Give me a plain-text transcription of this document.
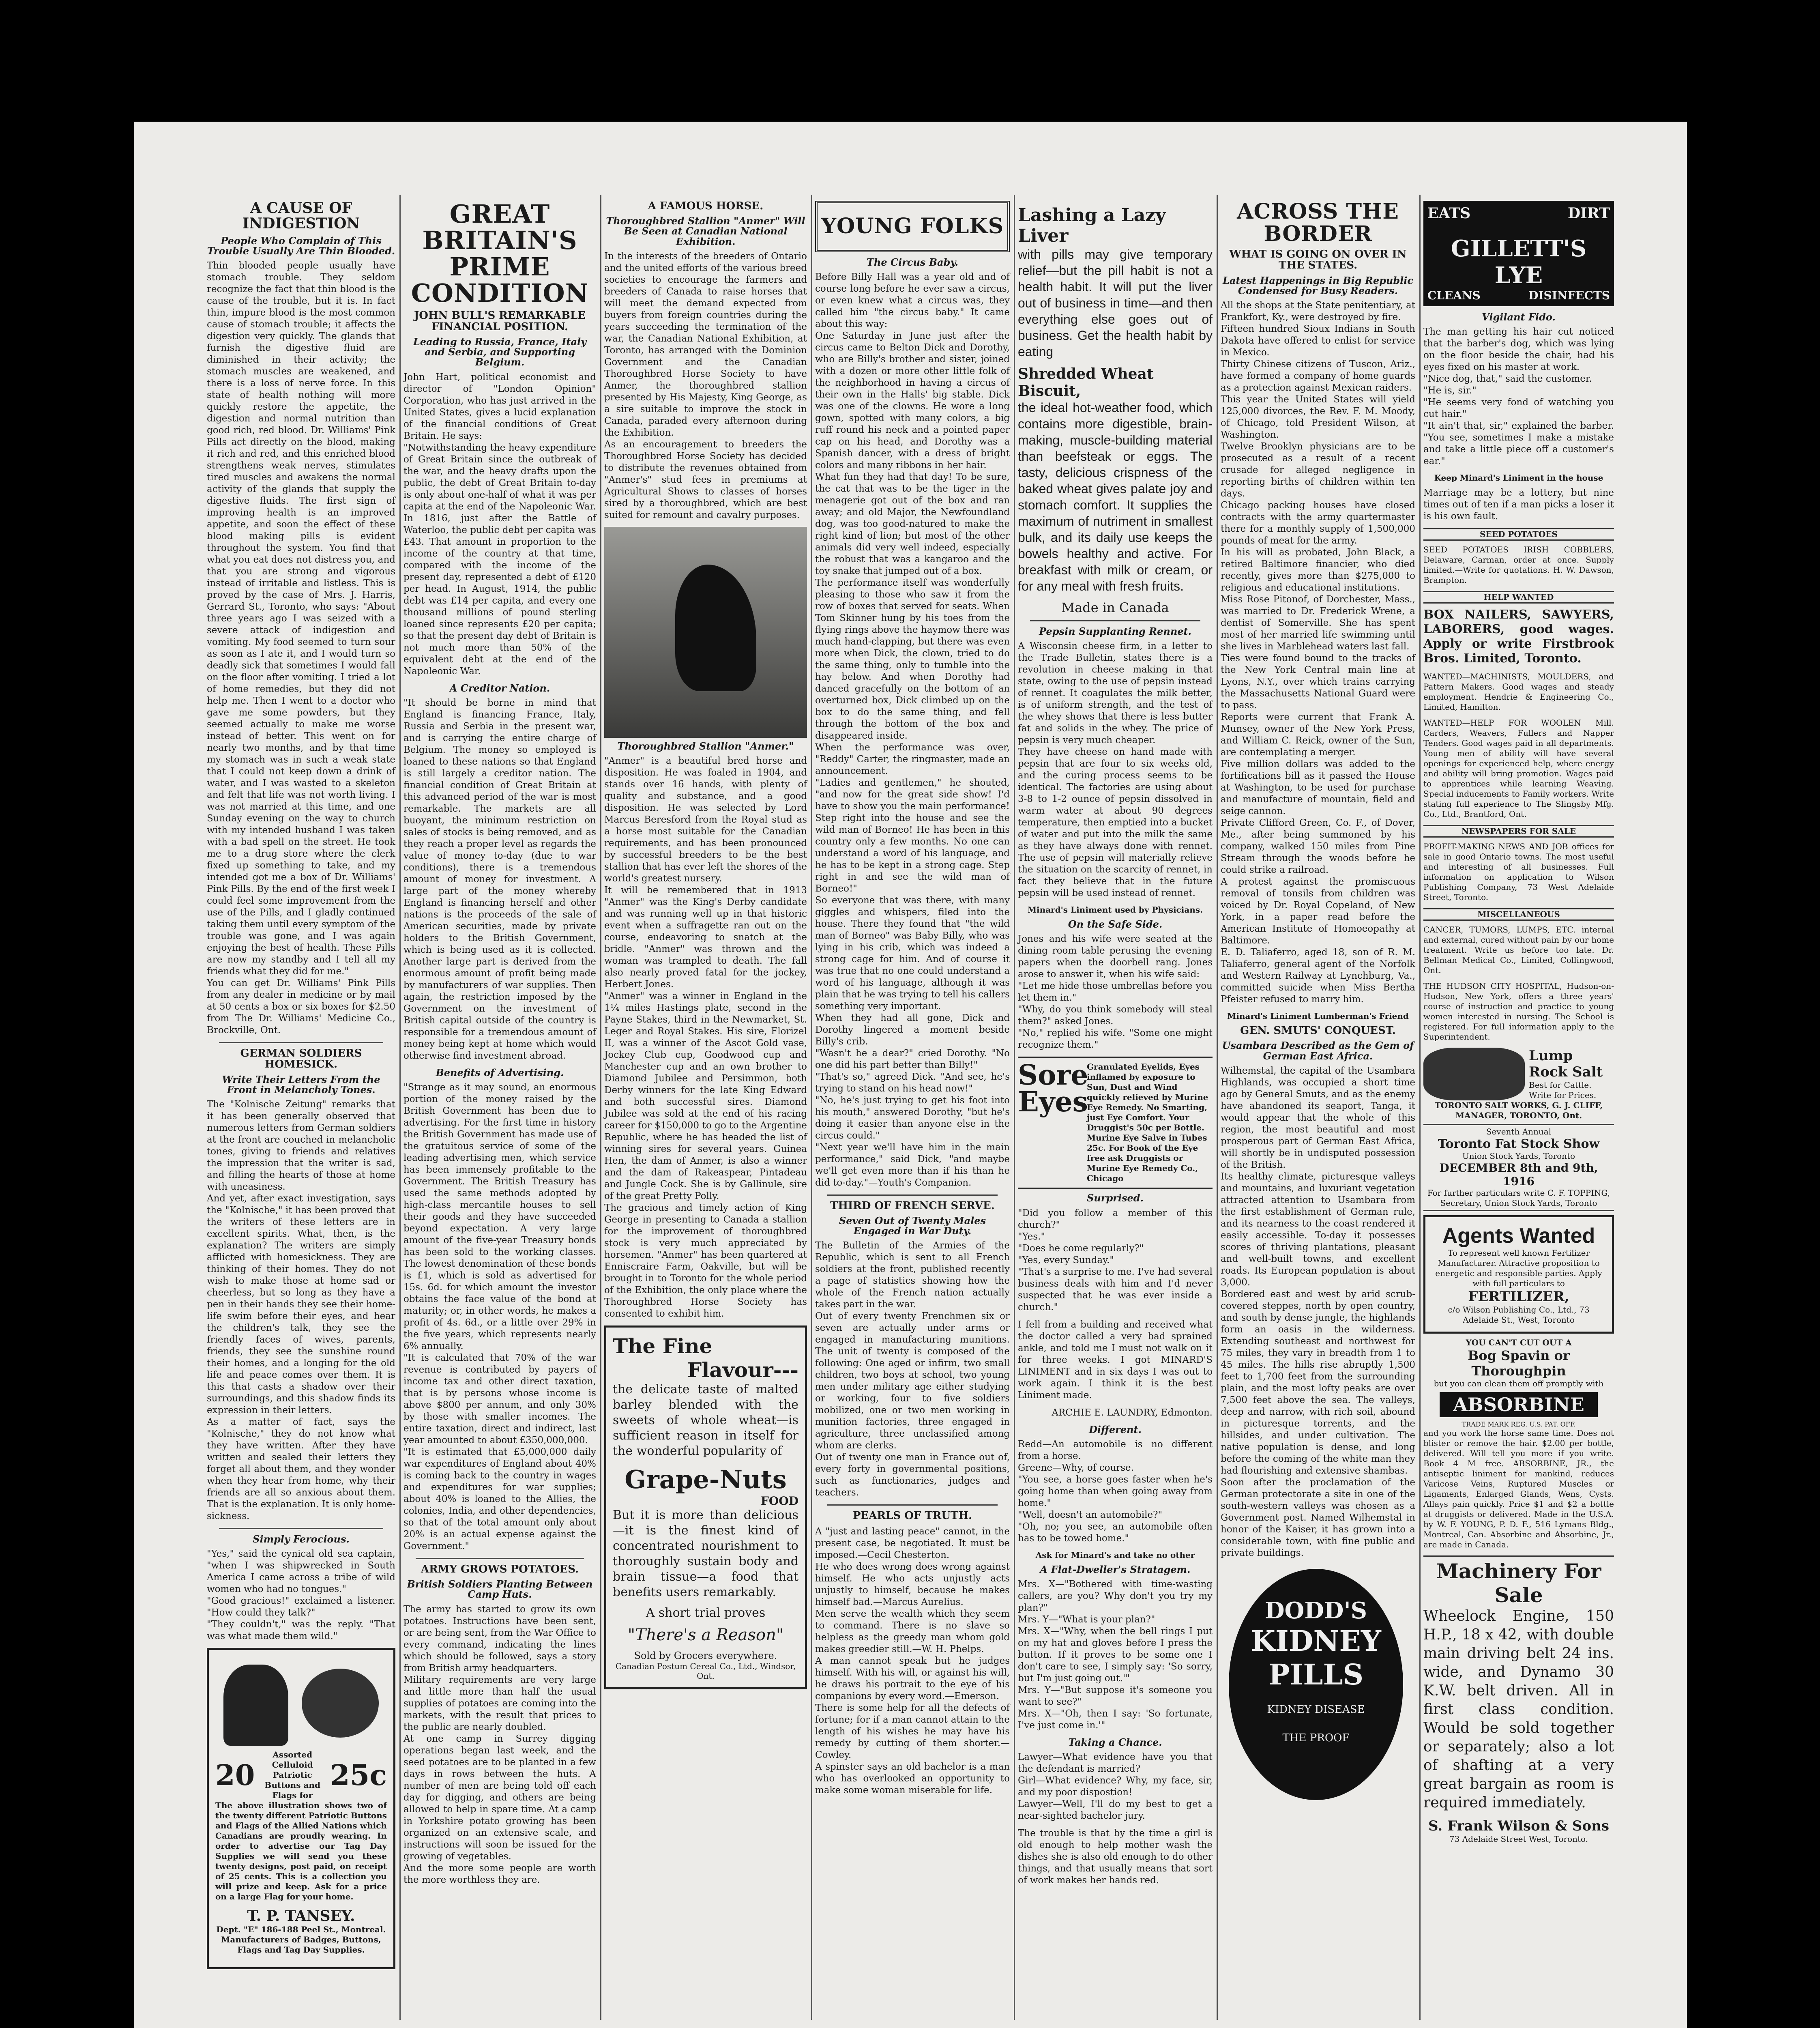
A CAUSE OF INDIGESTION
People Who Complain of This Trouble Usually Are Thin Blooded.
Thin blooded people usually have stomach trouble. They seldom recognize the fact that thin blood is the cause of the trouble, but it is. In fact thin, impure blood is the most common cause of stomach trouble; it affects the digestion very quickly. The glands that furnish the digestive fluid are diminished in their activity; the stomach muscles are weakened, and there is a loss of nerve force. In this state of health nothing will more quickly restore the appetite, the digestion and normal nutrition than good rich, red blood. Dr. Williams' Pink Pills act directly on the blood, making it rich and red, and this enriched blood strengthens weak nerves, stimulates tired muscles and awakens the normal activity of the glands that supply the digestive fluids. The first sign of improving health is an improved appetite, and soon the effect of these blood making pills is evident throughout the system. You find that what you eat does not distress you, and that you are strong and vigorous instead of irritable and listless. This is proved by the case of Mrs. J. Harris, Gerrard St., Toronto, who says: "About three years ago I was seized with a severe attack of indigestion and vomiting. My food seemed to turn sour as soon as I ate it, and I would turn so deadly sick that sometimes I would fall on the floor after vomiting. I tried a lot of home remedies, but they did not help me. Then I went to a doctor who gave me some powders, but they seemed actually to make me worse instead of better. This went on for nearly two months, and by that time my stomach was in such a weak state that I could not keep down a drink of water, and I was wasted to a skeleton and felt that life was not worth living. I was not married at this time, and one Sunday evening on the way to church with my intended husband I was taken with a bad spell on the street. He took me to a drug store where the clerk fixed up something to take, and my intended got me a box of Dr. Williams' Pink Pills. By the end of the first week I could feel some improvement from the use of the Pills, and I gladly continued taking them until every symptom of the trouble was gone, and I was again enjoying the best of health. These Pills are now my standby and I tell all my friends what they did for me."
You can get Dr. Williams' Pink Pills from any dealer in medicine or by mail at 50 cents a box or six boxes for $2.50 from The Dr. Williams' Medicine Co., Brockville, Ont.
GERMAN SOLDIERS HOMESICK.
Write Their Letters From the Front in Melancholy Tones.
The "Kolnische Zeitung" remarks that it has been generally observed that numerous letters from German soldiers at the front are couched in melancholic tones, giving to friends and relatives the impression that the writer is sad, and filling the hearts of those at home with uneasiness.
And yet, after exact investigation, says the "Kolnische," it has been proved that the writers of these letters are in excellent spirits. What, then, is the explanation? The writers are simply afflicted with homesickness. They are thinking of their homes. They do not wish to make those at home sad or cheerless, but so long as they have a pen in their hands they see their home-life swim before their eyes, and hear the children's talk, they see the friendly faces of wives, parents, friends, they see the sunshine round their homes, and a longing for the old life and peace comes over them. It is this that casts a shadow over their surroundings, and this shadow finds its expression in their letters.
As a matter of fact, says the "Kolnische," they do not know what they have written. After they have written and sealed their letters they forget all about them, and they wonder when they hear from home, why their friends are all so anxious about them. That is the explanation. It is only home-sickness.
Simply Ferocious.
"Yes," said the cynical old sea captain, "when I was shipwrecked in South America I came across a tribe of wild women who had no tongues."
"Good gracious!" exclaimed a listener. "How could they talk?"
"They couldn't," was the reply. "That was what made them wild."
20
Assorted Celluloid Patriotic Buttons and Flags for
25c
The above illustration shows two of the twenty different Patriotic Buttons and Flags of the Allied Nations which Canadians are proudly wearing. In order to advertise our Tag Day Supplies we will send you these twenty designs, post paid, on receipt of 25 cents. This is a collection you will prize and keep. Ask for a price on a large Flag for your home.
T. P. TANSEY.
Dept. "E" 186-188 Peel St., Montreal. Manufacturers of Badges, Buttons, Flags and Tag Day Supplies.
GREAT BRITAIN'S PRIME CONDITION
JOHN BULL'S REMARKABLE FINANCIAL POSITION.
Leading to Russia, France, Italy and Serbia, and Supporting Belgium.
John Hart, political economist and director of "London Opinion" Corporation, who has just arrived in the United States, gives a lucid explanation of the financial conditions of Great Britain. He says:
"Notwithstanding the heavy expenditure of Great Britain since the outbreak of the war, and the heavy drafts upon the public, the debt of Great Britain to-day is only about one-half of what it was per capita at the end of the Napoleonic War. In 1816, just after the Battle of Waterloo, the public debt per capita was £43. That amount in proportion to the income of the country at that time, compared with the income of the present day, represented a debt of £120 per head. In August, 1914, the public debt was £14 per capita, and every one thousand millions of pound sterling loaned since represents £20 per capita; so that the present day debt of Britain is not much more than 50% of the equivalent debt at the end of the Napoleonic War.
A Creditor Nation.
"It should be borne in mind that England is financing France, Italy, Russia and Serbia in the present war, and is carrying the entire charge of Belgium. The money so employed is loaned to these nations so that England is still largely a creditor nation. The financial condition of Great Britain at this advanced period of the war is most remarkable. The markets are all buoyant, the minimum restriction on sales of stocks is being removed, and as they reach a proper level as regards the value of money to-day (due to war conditions), there is a tremendous amount of money for investment. A large part of the money whereby England is financing herself and other nations is the proceeds of the sale of American securities, made by private holders to the British Government, which is being used as it is collected. Another large part is derived from the enormous amount of profit being made by manufacturers of war supplies. Then again, the restriction imposed by the Government on the investment of British capital outside of the country is responsible for a tremendous amount of money being kept at home which would otherwise find investment abroad.
Benefits of Advertising.
"Strange as it may sound, an enormous portion of the money raised by the British Government has been due to advertising. For the first time in history the British Government has made use of the gratuitous service of some of the leading advertising men, which service has been immensely profitable to the Government. The British Treasury has used the same methods adopted by high-class mercantile houses to sell their goods and they have succeeded beyond expectation. A very large amount of the five-year Treasury bonds has been sold to the working classes. The lowest denomination of these bonds is £1, which is sold as advertised for 15s. 6d. for which amount the investor obtains the face value of the bond at maturity; or, in other words, he makes a profit of 4s. 6d., or a little over 29% in the five years, which represents nearly 6% annually.
"It is calculated that 70% of the war revenue is contributed by payers of income tax and other direct taxation, that is by persons whose income is above $800 per annum, and only 30% by those with smaller incomes. The entire taxation, direct and indirect, last year amounted to about £350,000,000.
"It is estimated that £5,000,000 daily war expenditures of England about 40% is coming back to the country in wages and expenditures for war supplies; about 40% is loaned to the Allies, the colonies, India, and other dependencies, so that of the total amount only about 20% is an actual expense against the Government."
ARMY GROWS POTATOES.
British Soldiers Planting Between Camp Huts.
The army has started to grow its own potatoes. Instructions have been sent, or are being sent, from the War Office to every command, indicating the lines which should be followed, says a story from British army headquarters.
Military requirements are very large and little more than half the usual supplies of potatoes are coming into the markets, with the result that prices to the public are nearly doubled.
At one camp in Surrey digging operations began last week, and the seed potatoes are to be planted in a few days in rows between the huts. A number of men are being told off each day for digging, and others are being allowed to help in spare time. At a camp in Yorkshire potato growing has been organized on an extensive scale, and instructions will soon be issued for the growing of vegetables.
And the more some people are worth the more worthless they are.
A FAMOUS HORSE.
Thoroughbred Stallion "Anmer" Will Be Seen at Canadian National Exhibition.
In the interests of the breeders of Ontario and the united efforts of the various breed societies to encourage the farmers and breeders of Canada to raise horses that will meet the demand expected from buyers from foreign countries during the years succeeding the termination of the war, the Canadian National Exhibition, at Toronto, has arranged with the Dominion Government and the Canadian Thoroughbred Horse Society to have Anmer, the thoroughbred stallion presented by His Majesty, King George, as a sire suitable to improve the stock in Canada, paraded every afternoon during the Exhibition.
As an encouragement to breeders the Thoroughbred Horse Society has decided to distribute the revenues obtained from "Anmer's" stud fees in premiums at Agricultural Shows to classes of horses sired by a thoroughbred, which are best suited for remount and cavalry purposes.
Thoroughbred Stallion "Anmer."
"Anmer" is a beautiful bred horse and disposition. He was foaled in 1904, and stands over 16 hands, with plenty of quality and substance, and a good disposition. He was selected by Lord Marcus Beresford from the Royal stud as a horse most suitable for the Canadian requirements, and has been pronounced by successful breeders to be the best stallion that has ever left the shores of the world's greatest nursery.
It will be remembered that in 1913 "Anmer" was the King's Derby candidate and was running well up in that historic event when a suffragette ran out on the course, endeavoring to snatch at the bridle. "Anmer" was thrown and the woman was trampled to death. The fall also nearly proved fatal for the jockey, Herbert Jones.
"Anmer" was a winner in England in the 1¼ miles Hastings plate, second in the Payne Stakes, third in the Newmarket, St. Leger and Royal Stakes. His sire, Florizel II, was a winner of the Ascot Gold vase, Jockey Club cup, Goodwood cup and Manchester cup and an own brother to Diamond Jubilee and Persimmon, both Derby winners for the late King Edward and both successful sires. Diamond Jubilee was sold at the end of his racing career for $150,000 to go to the Argentine Republic, where he has headed the list of winning sires for several years. Guinea Hen, the dam of Anmer, is also a winner and the dam of Rakeaspear, Pintadeau and Jungle Cock. She is by Gallinule, sire of the great Pretty Polly.
The gracious and timely action of King George in presenting to Canada a stallion for the improvement of thoroughbred stock is very much appreciated by horsemen. "Anmer" has been quartered at Enniscraire Farm, Oakville, but will be brought in to Toronto for the whole period of the Exhibition, the only place where the Thoroughbred Horse Society has consented to exhibit him.
The Fine
Flavour---
the delicate taste of malted barley blended with the sweets of whole wheat—is sufficient reason in itself for the wonderful popularity of
Grape-Nuts
FOOD
But it is more than delicious—it is the finest kind of concentrated nourishment to thoroughly sustain body and brain tissue—a food that benefits users remarkably.
A short trial proves
"There's a Reason"
Sold by Grocers everywhere.
Canadian Postum Cereal Co., Ltd., Windsor, Ont.
YOUNG FOLKS
The Circus Baby.
Before Billy Hall was a year old and of course long before he ever saw a circus, or even knew what a circus was, they called him "the circus baby." It came about this way:
One Saturday in June just after the circus came to Belton Dick and Dorothy, who are Billy's brother and sister, joined with a dozen or more other little folk of the neighborhood in having a circus of their own in the Halls' big stable. Dick was one of the clowns. He wore a long gown, spotted with many colors, a big ruff round his neck and a pointed paper cap on his head, and Dorothy was a Spanish dancer, with a dress of bright colors and many ribbons in her hair.
What fun they had that day! To be sure, the cat that was to be the tiger in the menagerie got out of the box and ran away; and old Major, the Newfoundland dog, was too good-natured to make the right kind of lion; but most of the other animals did very well indeed, especially the robust that was a kangaroo and the toy snake that jumped out of a box.
The performance itself was wonderfully pleasing to those who saw it from the row of boxes that served for seats. When Tom Skinner hung by his toes from the flying rings above the haymow there was much hand-clapping, but there was even more when Dick, the clown, tried to do the same thing, only to tumble into the hay below. And when Dorothy had danced gracefully on the bottom of an overturned box, Dick climbed up on the box to do the same thing, and fell through the bottom of the box and disappeared inside.
When the performance was over, "Reddy" Carter, the ringmaster, made an announcement.
"Ladies and gentlemen," he shouted, "and now for the great side show! I'd have to show you the main performance! Step right into the house and see the wild man of Borneo! He has been in this country only a few months. No one can understand a word of his language, and he has to be kept in a strong cage. Step right in and see the wild man of Borneo!"
So everyone that was there, with many giggles and whispers, filed into the house. There they found that "the wild man of Borneo" was Baby Billy, who was lying in his crib, which was indeed a strong cage for him. And of course it was true that no one could understand a word of his language, although it was plain that he was trying to tell his callers something very important.
When they had all gone, Dick and Dorothy lingered a moment beside Billy's crib.
"Wasn't he a dear?" cried Dorothy. "No one did his part better than Billy!"
"That's so," agreed Dick. "And see, he's trying to stand on his head now!"
"No, he's just trying to get his foot into his mouth," answered Dorothy, "but he's doing it easier than anyone else in the circus could."
"Next year we'll have him in the main performance," said Dick, "and maybe we'll get even more than if his than he did to-day."—Youth's Companion.
THIRD OF FRENCH SERVE.
Seven Out of Twenty Males Engaged in War Duty.
The Bulletin of the Armies of the Republic, which is sent to all French soldiers at the front, published recently a page of statistics showing how the whole of the French nation actually takes part in the war.
Out of every twenty Frenchmen six or seven are actually under arms or engaged in manufacturing munitions. The unit of twenty is composed of the following: One aged or infirm, two small children, two boys at school, two young men under military age either studying or working, four to five soldiers mobilized, one or two men working in munition factories, three engaged in agriculture, three unclassified among whom are clerks.
Out of twenty one man in France out of, every forty in governmental positions, such as functionaries, judges and teachers.
PEARLS OF TRUTH.
A "just and lasting peace" cannot, in the present case, be negotiated. It must be imposed.—Cecil Chesterton.
He who does wrong does wrong against himself. He who acts unjustly acts unjustly to himself, because he makes himself bad.—Marcus Aurelius.
Men serve the wealth which they seem to command. There is no slave so helpless as the greedy man whom gold makes greedier still.—W. H. Phelps.
A man cannot speak but he judges himself. With his will, or against his will, he draws his portrait to the eye of his companions by every word.—Emerson.
There is some help for all the defects of fortune; for if a man cannot attain to the length of his wishes he may have his remedy by cutting of them shorter.—Cowley.
A spinster says an old bachelor is a man who has overlooked an opportunity to make some woman miserable for life.
Lashing a Lazy Liver
with pills may give temporary relief—but the pill habit is not a health habit. It will put the liver out of business in time—and then everything else goes out of business. Get the health habit by eating
Shredded Wheat Biscuit,
the ideal hot-weather food, which contains more digestible, brain-making, muscle-building material than beefsteak or eggs. The tasty, delicious crispness of the baked wheat gives palate joy and stomach comfort. It supplies the maximum of nutriment in smallest bulk, and its daily use keeps the bowels healthy and active. For breakfast with milk or cream, or for any meal with fresh fruits.
Made in Canada
Pepsin Supplanting Rennet.
A Wisconsin cheese firm, in a letter to the Trade Bulletin, states there is a revolution in cheese making in that state, owing to the use of pepsin instead of rennet. It coagulates the milk better, is of uniform strength, and the test of the whey shows that there is less butter fat and solids in the whey. The price of pepsin is very much cheaper.
They have cheese on hand made with pepsin that are four to six weeks old, and the curing process seems to be identical. The factories are using about 3-8 to 1-2 ounce of pepsin dissolved in warm water at about 90 degrees temperature, then emptied into a bucket of water and put into the milk the same as they have always done with rennet. The use of pepsin will materially relieve the situation on the scarcity of rennet, in fact they believe that in the future pepsin will be used instead of rennet.
Minard's Liniment used by Physicians.
On the Safe Side.
Jones and his wife were seated at the dining room table perusing the evening papers when the doorbell rang. Jones arose to answer it, when his wife said:
"Let me hide those umbrellas before you let them in."
"Why, do you think somebody will steal them?" asked Jones.
"No," replied his wife. "Some one might recognize them."
Sore Eyes
Granulated Eyelids, Eyes inflamed by exposure to Sun, Dust and Wind quickly relieved by Murine Eye Remedy. No Smarting, just Eye Comfort. Your Druggist's 50c per Bottle. Murine Eye Salve in Tubes 25c. For Book of the Eye free ask Druggists or Murine Eye Remedy Co., Chicago
Surprised.
"Did you follow a member of this church?"
"Yes."
"Does he come regularly?"
"Yes, every Sunday."
"That's a surprise to me. I've had several business deals with him and I'd never suspected that he was ever inside a church."
I fell from a building and received what the doctor called a very bad sprained ankle, and told me I must not walk on it for three weeks. I got MINARD'S LINIMENT and in six days I was out to work again. I think it is the best Liniment made.
ARCHIE E. LAUNDRY, Edmonton.
Different.
Redd—An automobile is no different from a horse.
Greene—Why, of course.
"You see, a horse goes faster when he's going home than when going away from home."
"Well, doesn't an automobile?"
"Oh, no; you see, an automobile often has to be towed home."
Ask for Minard's and take no other
A Flat-Dweller's Stratagem.
Mrs. X—"Bothered with time-wasting callers, are you? Why don't you try my plan?"
Mrs. Y—"What is your plan?"
Mrs. X—"Why, when the bell rings I put on my hat and gloves before I press the button. If it proves to be some one I don't care to see, I simply say: 'So sorry, but I'm just going out.'"
Mrs. Y—"But suppose it's someone you want to see?"
Mrs. X—"Oh, then I say: 'So fortunate, I've just come in.'"
Taking a Chance.
Lawyer—What evidence have you that the defendant is married?
Girl—What evidence? Why, my face, sir, and my poor dispostion!
Lawyer—Well, I'll do my best to get a near-sighted bachelor jury.
The trouble is that by the time a girl is old enough to help mother wash the dishes she is also old enough to do other things, and that usually means that sort of work makes her hands red.
ACROSS THE BORDER
WHAT IS GOING ON OVER IN THE STATES.
Latest Happenings in Big Republic Condensed for Busy Readers.
All the shops at the State penitentiary, at Frankfort, Ky., were destroyed by fire.
Fifteen hundred Sioux Indians in South Dakota have offered to enlist for service in Mexico.
Thirty Chinese citizens of Tuscon, Ariz., have formed a company of home guards as a protection against Mexican raiders.
This year the United States will yield 125,000 divorces, the Rev. F. M. Moody, of Chicago, told President Wilson, at Washington.
Twelve Brooklyn physicians are to be prosecuted as a result of a recent crusade for alleged negligence in reporting births of children within ten days.
Chicago packing houses have closed contracts with the army quartermaster there for a monthly supply of 1,500,000 pounds of meat for the army.
In his will as probated, John Black, a retired Baltimore financier, who died recently, gives more than $275,000 to religious and educational institutions.
Miss Rose Pitonof, of Dorchester, Mass., was married to Dr. Frederick Wrene, a dentist of Somerville. She has spent most of her married life swimming until she lives in Marblehead waters last fall.
Ties were found bound to the tracks of the New York Central main line at Lyons, N.Y., over which trains carrying the Massachusetts National Guard were to pass.
Reports were current that Frank A. Munsey, owner of the New York Press, and William C. Reick, owner of the Sun, are contemplating a merger.
Five million dollars was added to the fortifications bill as it passed the House at Washington, to be used for purchase and manufacture of mountain, field and seige cannon.
Private Clifford Green, Co. F., of Dover, Me., after being summoned by his company, walked 150 miles from Pine Stream through the woods before he could strike a railroad.
A protest against the promiscuous removal of tonsils from children was voiced by Dr. Royal Copeland, of New York, in a paper read before the American Institute of Homoeopathy at Baltimore.
E. D. Taliaferro, aged 18, son of R. M. Taliaferro, general agent of the Norfolk and Western Railway at Lynchburg, Va., committed suicide when Miss Bertha Pfeister refused to marry him.
Minard's Liniment Lumberman's Friend
GEN. SMUTS' CONQUEST.
Usambara Described as the Gem of German East Africa.
Wilhemstal, the capital of the Usambara Highlands, was occupied a short time ago by General Smuts, and as the enemy have abandoned its seaport, Tanga, it would appear that the whole of this region, the most beautiful and most prosperous part of German East Africa, will shortly be in undisputed possession of the British.
Its healthy climate, picturesque valleys and mountains, and luxuriant vegetation attracted attention to Usambara from the first establishment of German rule, and its nearness to the coast rendered it easily accessible. To-day it possesses scores of thriving plantations, pleasant and well-built towns, and excellent roads. Its European population is about 3,000.
Bordered east and west by arid scrub-covered steppes, north by open country, and south by dense jungle, the highlands form an oasis in the wilderness. Extending southeast and northwest for 75 miles, they vary in breadth from 1 to 45 miles. The hills rise abruptly 1,500 feet to 1,700 feet from the surrounding plain, and the most lofty peaks are over 7,500 feet above the sea. The valleys, deep and narrow, with rich soil, abound in picturesque torrents, and the hillsides, and under cultivation. The native population is dense, and long before the coming of the white man they had flourishing and extensive shambas.
Soon after the proclamation of the German protectorate a site in one of the south-western valleys was chosen as a Government post. Named Wilhemstal in honor of the Kaiser, it has grown into a considerable town, with fine public and private buildings.
DODD'S
KIDNEY
PILLS
KIDNEY DISEASE
THE PROOF
EATS	DIRT
GILLETT'S LYE
CLEANS	DISINFECTS
Vigilant Fido.
The man getting his hair cut noticed that the barber's dog, which was lying on the floor beside the chair, had his eyes fixed on his master at work.
"Nice dog, that," said the customer.
"He is, sir."
"He seems very fond of watching you cut hair."
"It ain't that, sir," explained the barber. "You see, sometimes I make a mistake and take a little piece off a customer's ear."
Keep Minard's Liniment in the house
Marriage may be a lottery, but nine times out of ten if a man picks a loser it is his own fault.
SEED POTATOES
SEED POTATOES IRISH COBBLERS, Delaware, Carman, order at once. Supply limited.—Write for quotations. H. W. Dawson, Brampton.
HELP WANTED
BOX NAILERS, SAWYERS, LABORERS, good wages. Apply or write Firstbrook Bros. Limited, Toronto.
WANTED—MACHINISTS, MOULDERS, and Pattern Makers. Good wages and steady employment. Hendrie & Engineering Co., Limited, Hamilton.
WANTED—HELP FOR WOOLEN Mill. Carders, Weavers, Fullers and Napper Tenders. Good wages paid in all departments. Young men of ability will have several openings for experienced help, where energy and ability will bring promotion. Wages paid to apprentices while learning Weaving. Special inducements to Family workers. Write stating full experience to The Slingsby Mfg. Co., Ltd., Brantford, Ont.
NEWSPAPERS FOR SALE
PROFIT-MAKING NEWS AND JOB offices for sale in good Ontario towns. The most useful and interesting of all businesses. Full information on application to Wilson Publishing Company, 73 West Adelaide Street, Toronto.
MISCELLANEOUS
CANCER, TUMORS, LUMPS, ETC. internal and external, cured without pain by our home treatment. Write us before too late. Dr. Bellman Medical Co., Limited, Collingwood, Ont.
THE HUDSON CITY HOSPITAL, Hudson-on-Hudson, New York, offers a three years' course of instruction and practice to young women interested in nursing. The School is registered. For full information apply to the Superintendent.
Lump Rock Salt
Best for Cattle. Write for Prices.
TORONTO SALT WORKS, G. J. CLIFF, MANAGER, TORONTO, Ont.
Seventh Annual
Toronto Fat Stock Show
Union Stock Yards, Toronto
DECEMBER 8th and 9th, 1916
For further particulars write C. F. TOPPING, Secretary, Union Stock Yards, Toronto
Agents Wanted
To represent well known Fertilizer Manufacturer. Attractive proposition to energetic and responsible parties. Apply with full particulars to
FERTILIZER,
c/o Wilson Publishing Co., Ltd., 73 Adelaide St., West, Toronto
YOU CAN'T CUT OUT A
Bog Spavin or Thoroughpin
but you can clean them off promptly with
ABSORBINE
TRADE MARK REG. U.S. PAT. OFF.
and you work the horse same time. Does not blister or remove the hair. $2.00 per bottle, delivered. Will tell you more if you write. Book 4 M free. ABSORBINE, JR., the antiseptic liniment for mankind, reduces Varicose Veins, Ruptured Muscles or Ligaments, Enlarged Glands, Wens, Cysts. Allays pain quickly. Price $1 and $2 a bottle at druggists or delivered. Made in the U.S.A. by W. F. YOUNG, P. D. F., 516 Lymans Bldg., Montreal, Can. Absorbine and Absorbine, Jr., are made in Canada.
Machinery For Sale
Wheelock Engine, 150 H.P., 18 x 42, with double main driving belt 24 ins. wide, and Dynamo 30 K.W. belt driven. All in first class condition. Would be sold together or separately; also a lot of shafting at a very great bargain as room is required immediately.
S. Frank Wilson & Sons
73 Adelaide Street West, Toronto.
